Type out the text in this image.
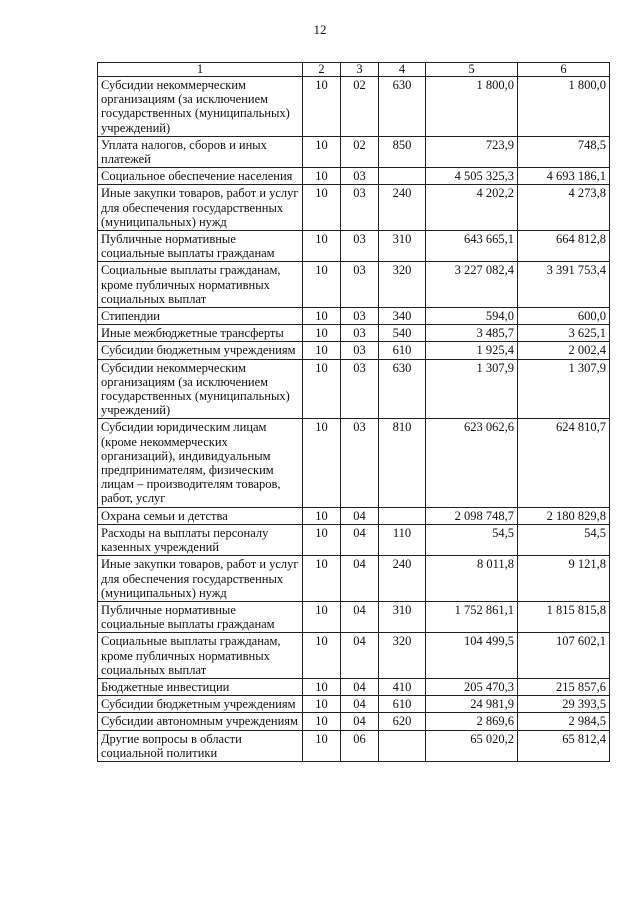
12
1	2	3	4	5	6
Субсидии некоммерческим организациям (за исключением государственных (муниципальных) учреждений)	10	02	630	1 800,0	1 800,0
Уплата налогов, сборов и иных платежей	10	02	850	723,9	748,5
Социальное обеспечение населения	10	03		4 505 325,3	4 693 186,1
Иные закупки товаров, работ и услуг для обеспечения государственных (муниципальных) нужд	10	03	240	4 202,2	4 273,8
Публичные нормативные социальные выплаты гражданам	10	03	310	643 665,1	664 812,8
Социальные выплаты гражданам, кроме публичных нормативных социальных выплат	10	03	320	3 227 082,4	3 391 753,4
Стипендии	10	03	340	594,0	600,0
Иные межбюджетные трансферты	10	03	540	3 485,7	3 625,1
Субсидии бюджетным учреждениям	10	03	610	1 925,4	2 002,4
Субсидии некоммерческим организациям (за исключением государственных (муниципальных) учреждений)	10	03	630	1 307,9	1 307,9
Субсидии юридическим лицам (кроме некоммерческих организаций), индивидуальным предпринимателям, физическим лицам – производителям товаров, работ, услуг	10	03	810	623 062,6	624 810,7
Охрана семьи и детства	10	04		2 098 748,7	2 180 829,8
Расходы на выплаты персоналу казенных учреждений	10	04	110	54,5	54,5
Иные закупки товаров, работ и услуг для обеспечения государственных (муниципальных) нужд	10	04	240	8 011,8	9 121,8
Публичные нормативные социальные выплаты гражданам	10	04	310	1 752 861,1	1 815 815,8
Социальные выплаты гражданам, кроме публичных нормативных социальных выплат	10	04	320	104 499,5	107 602,1
Бюджетные инвестиции	10	04	410	205 470,3	215 857,6
Субсидии бюджетным учреждениям	10	04	610	24 981,9	29 393,5
Субсидии автономным учреждениям	10	04	620	2 869,6	2 984,5
Другие вопросы в области социальной политики	10	06		65 020,2	65 812,4
